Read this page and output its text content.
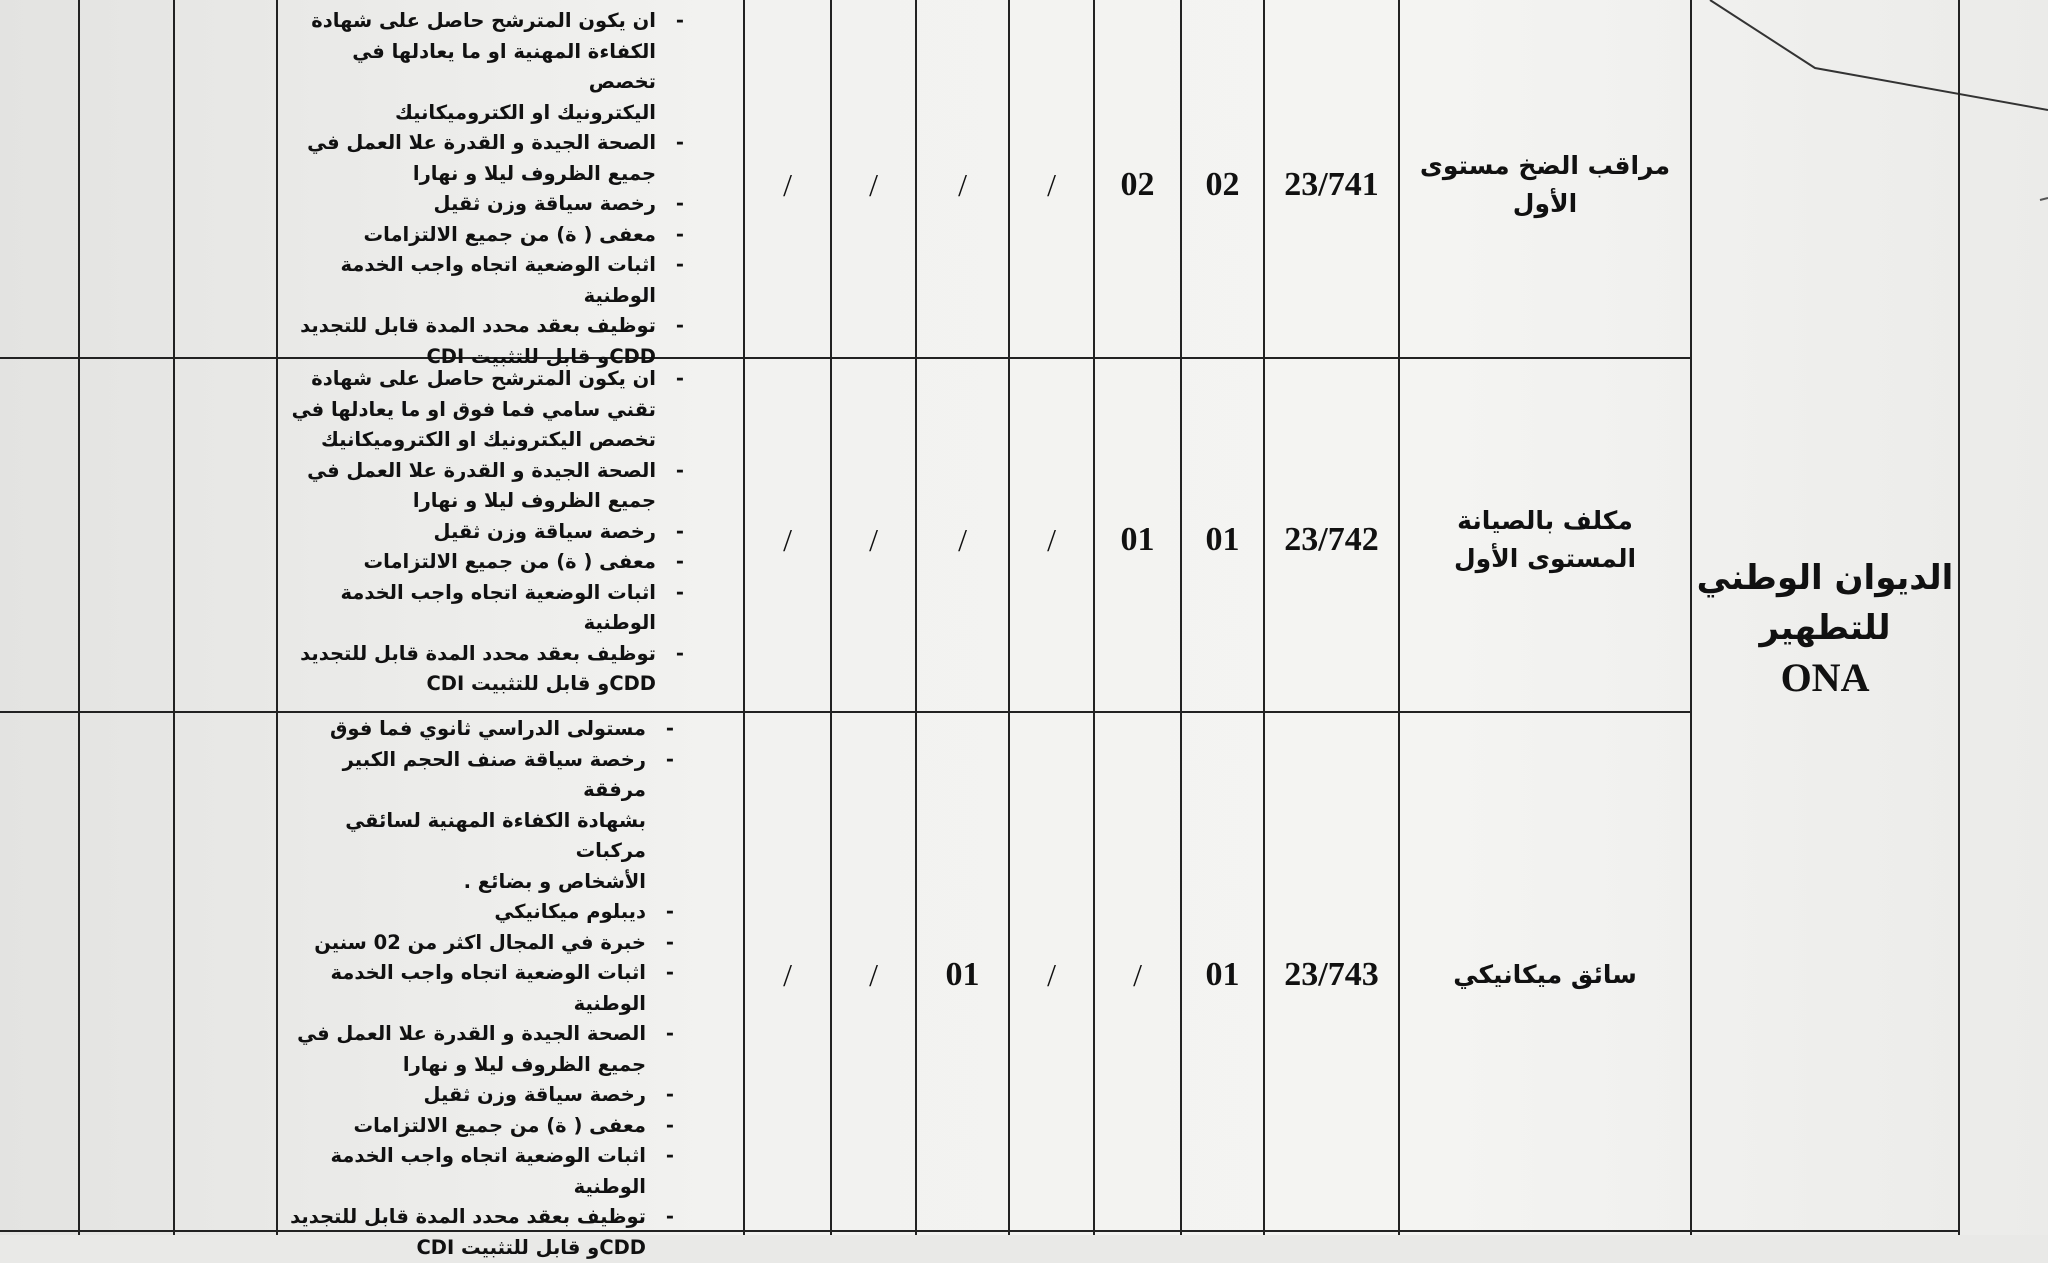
الديوان الوطني للتطهير
ONA
مراقب الضخ مستوى الأول
23/741
02
02
/
/
/
/
- ان يكون المترشح حاصل على شهادة
الكفاءة المهنية او ما يعادلها في تخصص
اليكترونيك او الكتروميكانيك
- الصحة الجيدة و القدرة علا العمل في
جميع الظروف ليلا و نهارا
- رخصة سياقة وزن ثقيل
- معفى ( ة) من جميع الالتزامات
- اثبات الوضعية اتجاه واجب الخدمة
الوطنية
- توظيف بعقد محدد المدة قابل للتجديد
CDDو قابل للتثبيت CDI
مكلف بالصيانة المستوى الأول
23/742
01
01
/
/
/
/
- ان يكون المترشح حاصل على شهادة
تقني سامي فما فوق او ما يعادلها في
تخصص اليكترونيك او الكتروميكانيك
- الصحة الجيدة و القدرة علا العمل في
جميع الظروف ليلا و نهارا
- رخصة سياقة وزن ثقيل
- معفى ( ة) من جميع الالتزامات
- اثبات الوضعية اتجاه واجب الخدمة
الوطنية
- توظيف بعقد محدد المدة قابل للتجديد
CDDو قابل للتثبيت CDI
سائق ميكانيكي
23/743
01
/
/
01
/
/
- مستولى الدراسي ثانوي فما فوق
- رخصة سياقة صنف الحجم الكبير مرفقة
بشهادة الكفاءة المهنية لسائقي مركبات
الأشخاص و بضائع .
- ديبلوم ميكانيكي
- خبرة في المجال اكثر من 02 سنين
- اثبات الوضعية اتجاه واجب الخدمة
الوطنية
- الصحة الجيدة و القدرة علا العمل في
جميع الظروف ليلا و نهارا
- رخصة سياقة وزن ثقيل
- معفى ( ة) من جميع الالتزامات
- اثبات الوضعية اتجاه واجب الخدمة
الوطنية
- توظيف بعقد محدد المدة قابل للتجديد
CDDو قابل للتثبيت CDI
